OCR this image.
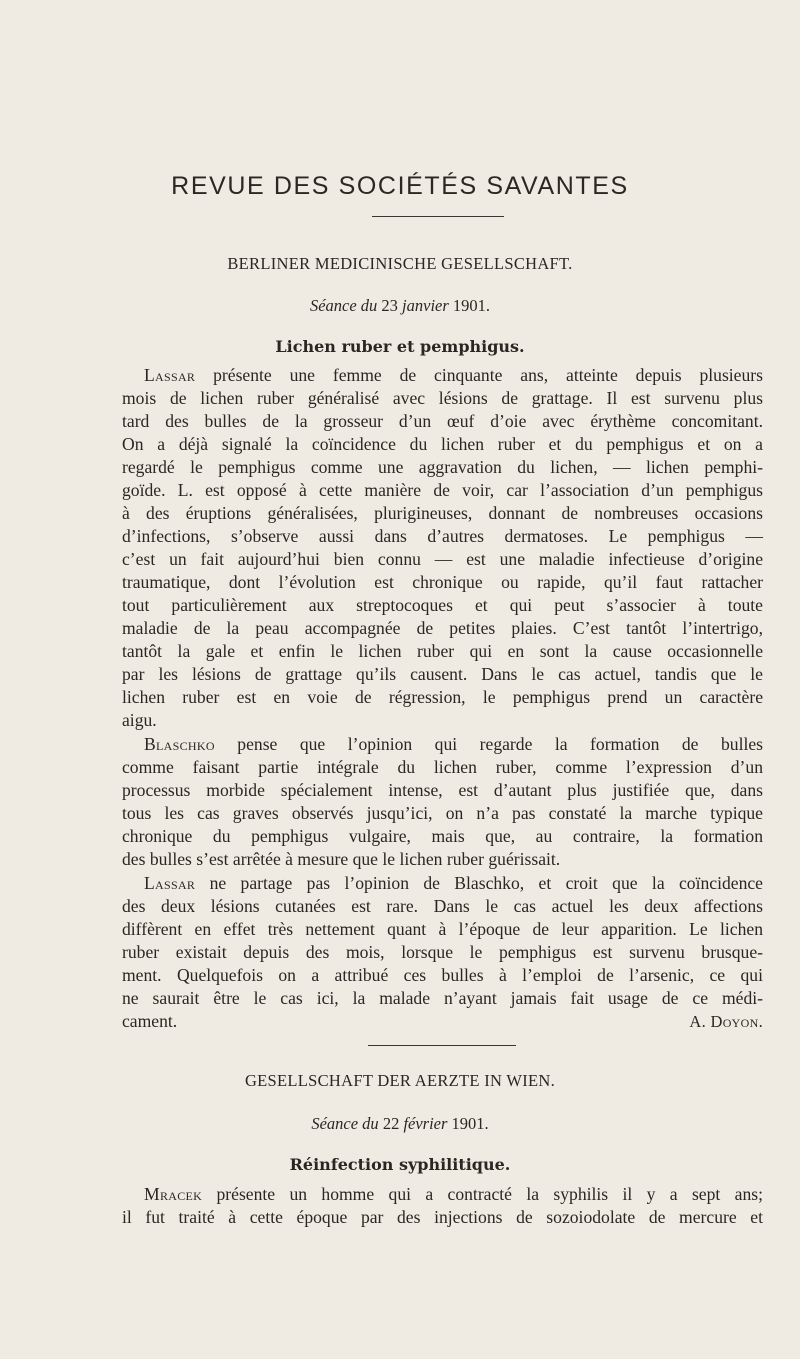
REVUE DES SOCIÉTÉS SAVANTES
BERLINER MEDICINISCHE GESELLSCHAFT.
Séance du 23 janvier 1901.
Lichen ruber et pemphigus.
Lassar présente une femme de cinquante ans, atteinte depuis plusieurs
mois de lichen ruber généralisé avec lésions de grattage. Il est survenu plus
tard des bulles de la grosseur d’un œuf d’oie avec érythème concomitant.
On a déjà signalé la coïncidence du lichen ruber et du pemphigus et on a
regardé le pemphigus comme une aggravation du lichen, — lichen pemphi-
goïde. L. est opposé à cette manière de voir, car l’association d’un pemphigus
à des éruptions généralisées, plurigineuses, donnant de nombreuses occasions
d’infections, s’observe aussi dans d’autres dermatoses. Le pemphigus —
c’est un fait aujourd’hui bien connu — est une maladie infectieuse d’origine
traumatique, dont l’évolution est chronique ou rapide, qu’il faut rattacher
tout particulièrement aux streptocoques et qui peut s’associer à toute
maladie de la peau accompagnée de petites plaies. C’est tantôt l’intertrigo,
tantôt la gale et enfin le lichen ruber qui en sont la cause occasionnelle
par les lésions de grattage qu’ils causent. Dans le cas actuel, tandis que le
lichen ruber est en voie de régression, le pemphigus prend un caractère
aigu.
Blaschko pense que l’opinion qui regarde la formation de bulles
comme faisant partie intégrale du lichen ruber, comme l’expression d’un
processus morbide spécialement intense, est d’autant plus justifiée que, dans
tous les cas graves observés jusqu’ici, on n’a pas constaté la marche typique
chronique du pemphigus vulgaire, mais que, au contraire, la formation
des bulles s’est arrêtée à mesure que le lichen ruber guérissait.
Lassar ne partage pas l’opinion de Blaschko, et croit que la coïncidence
des deux lésions cutanées est rare. Dans le cas actuel les deux affections
diffèrent en effet très nettement quant à l’époque de leur apparition. Le lichen
ruber existait depuis des mois, lorsque le pemphigus est survenu brusque-
ment. Quelquefois on a attribué ces bulles à l’emploi de l’arsenic, ce qui
ne saurait être le cas ici, la malade n’ayant jamais fait usage de ce médi-
cament.	A. Doyon.
GESELLSCHAFT DER AERZTE IN WIEN.
Séance du 22 février 1901.
Réinfection syphilitique.
Mracek présente un homme qui a contracté la syphilis il y a sept ans;
il fut traité à cette époque par des injections de sozoiodolate de mercure et
